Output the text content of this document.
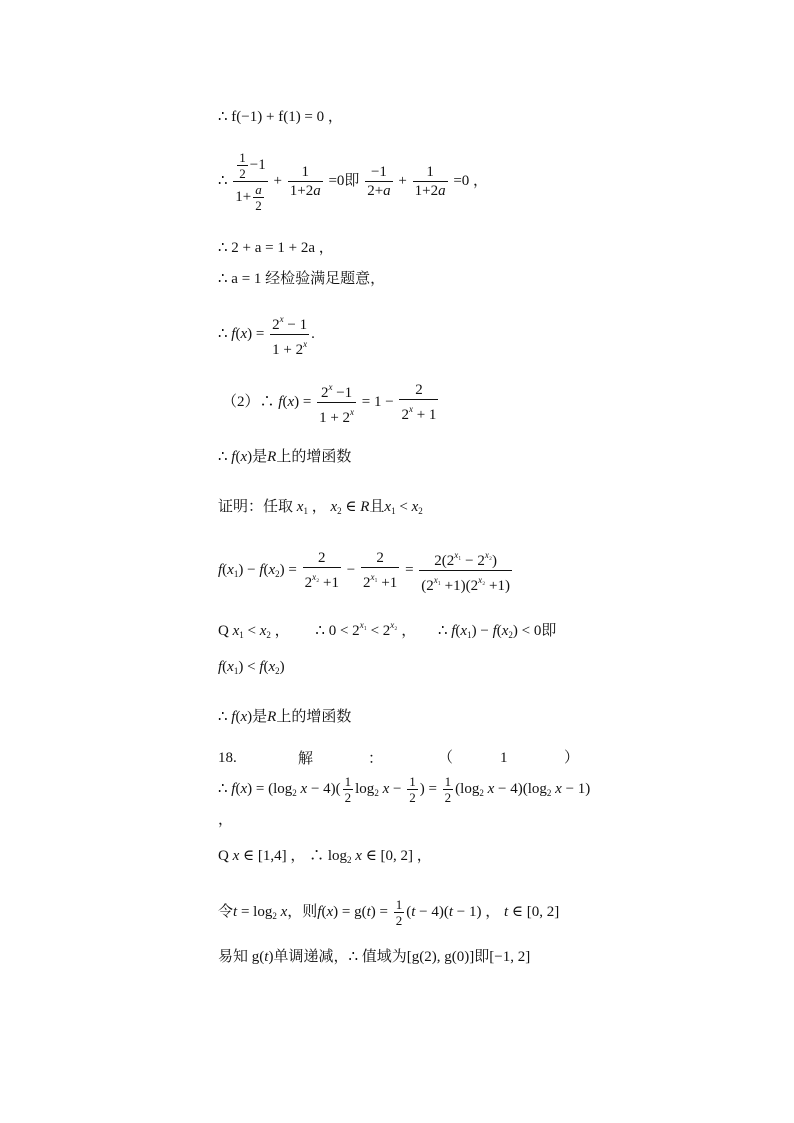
∴ f(−1) + f(1) = 0 ，
∴ $\frac{\frac{1}{2} -1}{1+ \frac{a}{2}} + \frac{1}{1+2a} =0$即 $\frac{-1}{2+a} + \frac{1}{1+2a} =0$ ，
∴ 2 + a = 1 + 2a ，
∴ a = 1 经检验满足题意，
∴ $f(x) = \frac{2^x - 1}{1 + 2^x}$ .
（2）∴ $f(x) = \frac{2^x -1}{1 + 2^x} = 1 - \frac{2}{2^x + 1}$
∴ f(x)是R上的增函数
证明：任取 $x_1$ ， $x_2$ ∈ R且$x_1 < x_2$
$f(x_1) - f(x_2) = \frac{2}{2^{x_2} +1} - \frac{2}{2^{x_1} +1} = \frac{2(2^{x_1} - 2^{x_2})}{(2^{x_1} +1)(2^{x_2} +1)}$
Q $x_1 < x_2$ ， ∴ $0 < 2^{x_1} < 2^{x_2}$ ， ∴ $f(x_1) - f(x_2) < 0$即
$f(x_1) < f(x_2)$
∴ f(x)是R上的增函数
18.	解	：	（	1	）
∴ $f(x) = (\log_2$ $x - 4)( \frac{1}{2} \log_2 x - \frac{1}{2}$ ) = $\frac{1}{2} (\log_2$ $x - 4)(\log_2$ x − 1)
，
Q x ∈ [1,4] ， ∴ $\log_2 x$ ∈ [0, 2] ，
令$t = \log_2 x$，则$f(x) = g(t) = \frac{1}{2} (t - 4)(t - 1)$ ， t ∈ [0, 2]
易知 g(t)单调递减，∴ 值域为[g(2), g(0)]即[−1, 2]
